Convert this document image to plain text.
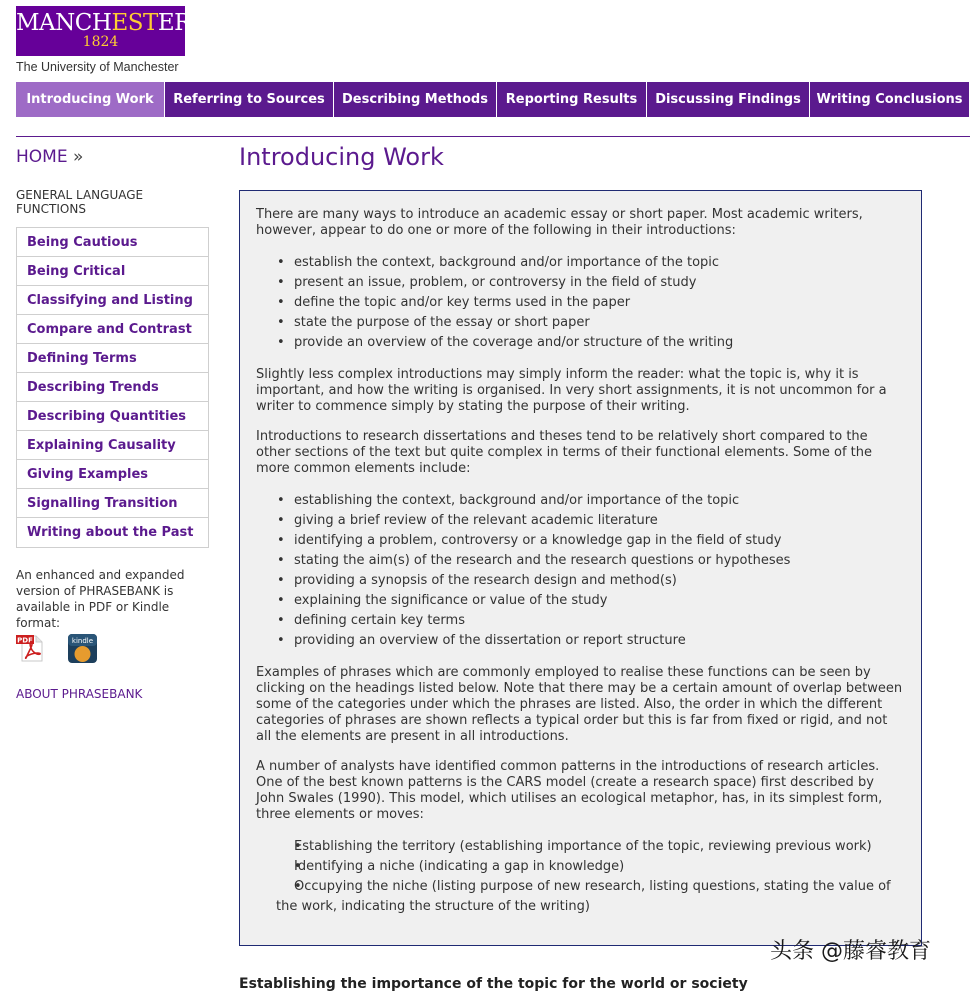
MANCHESTER
1824
The University of Manchester
Introducing Work	Referring to Sources	Describing Methods	Reporting Results	Discussing Findings	Writing Conclusions
HOME »
GENERAL LANGUAGE FUNCTIONS
Being Cautious
Being Critical
Classifying and Listing
Compare and Contrast
Defining Terms
Describing Trends
Describing Quantities
Explaining Causality
Giving Examples
Signalling Transition
Writing about the Past
An enhanced and expanded version of PHRASEBANK is available in PDF or Kindle format:
PDF	kindle
ABOUT PHRASEBANK
Introducing Work

There are many ways to introduce an academic essay or short paper. Most academic writers, however, appear to do one or more of the following in their introductions:

• establish the context, background and/or importance of the topic
• present an issue, problem, or controversy in the field of study
• define the topic and/or key terms used in the paper
• state the purpose of the essay or short paper
• provide an overview of the coverage and/or structure of the writing

Slightly less complex introductions may simply inform the reader: what the topic is, why it is important, and how the writing is organised. In very short assignments, it is not uncommon for a writer to commence simply by stating the purpose of their writing.

Introductions to research dissertations and theses tend to be relatively short compared to the other sections of the text but quite complex in terms of their functional elements. Some of the more common elements include:

• establishing the context, background and/or importance of the topic
• giving a brief review of the relevant academic literature
• identifying a problem, controversy or a knowledge gap in the field of study
• stating the aim(s) of the research and the research questions or hypotheses
• providing a synopsis of the research design and method(s)
• explaining the significance or value of the study
• defining certain key terms
• providing an overview of the dissertation or report structure

Examples of phrases which are commonly employed to realise these functions can be seen by clicking on the headings listed below. Note that there may be a certain amount of overlap between some of the categories under which the phrases are listed. Also, the order in which the different categories of phrases are shown reflects a typical order but this is far from fixed or rigid, and not all the elements are present in all introductions.

A number of analysts have identified common patterns in the introductions of research articles. One of the best known patterns is the CARS model (create a research space) first described by John Swales (1990). This model, which utilises an ecological metaphor, has, in its simplest form, three elements or moves:

• Establishing the territory (establishing importance of the topic, reviewing previous work)
• Identifying a niche (indicating a gap in knowledge)
• Occupying the niche (listing purpose of new research, listing questions, stating the value of the work, indicating the structure of the writing)
Establishing the importance of the topic for the world or society
头条 @藤睿教育
